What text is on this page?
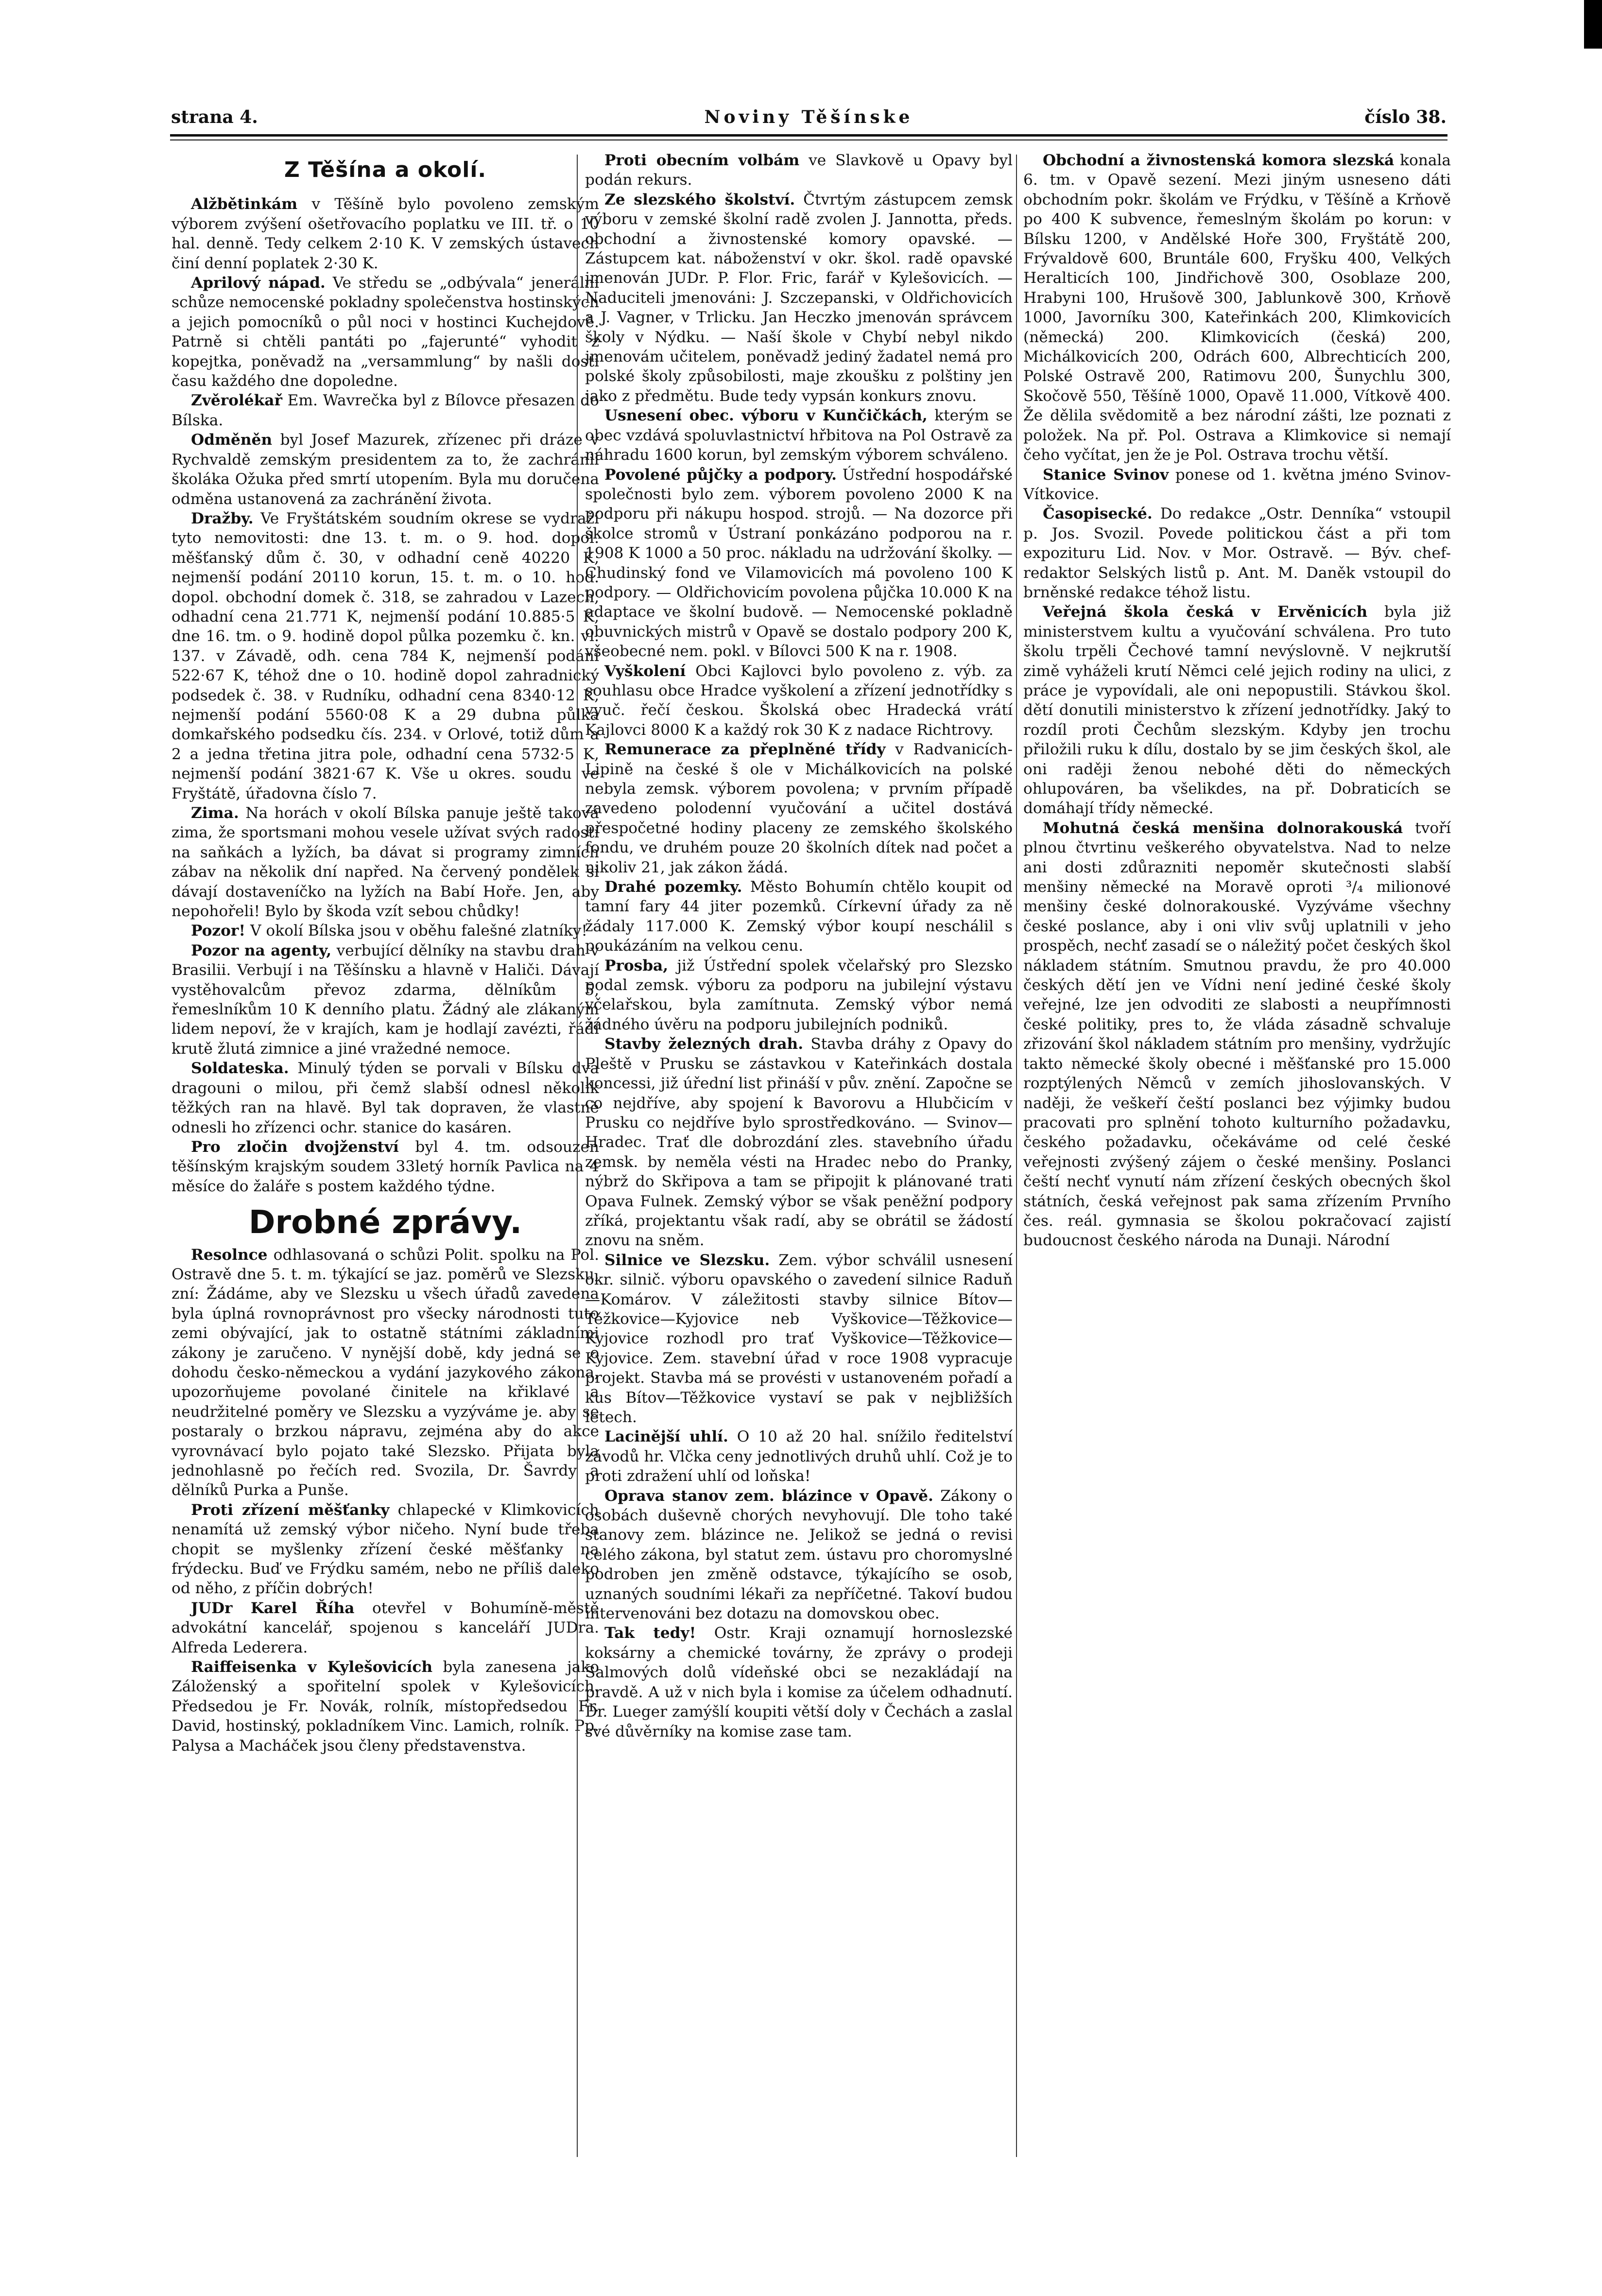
strana 4.	Noviny Těšínske	číslo 38.
Z Těšína a okolí.

Alžbětinkám v Těšíně bylo povoleno zemským výborem zvýšení ošetřovacího poplatku ve III. tř. o 10 hal. denně. Tedy celkem 2·10 K. V zemských ústavech činí denní poplatek 2·30 K.

Aprilový nápad. Ve středu se „odbývala“ jenerální schůze nemocenské pokladny společenstva hostinských a jejich pomocníků o půl noci v hostinci Kuchejdově. Patrně si chtěli pantáti po „fajerunté“ vyhodit z kopejtka, poněvadž na „versammlung“ by našli dosti času každého dne dopoledne.

Zvěrolékař Em. Wavrečka byl z Bílovce přesazen do Bílska.

Odměněn byl Josef Mazurek, zřízenec při dráze v Rychvaldě zemským presidentem za to, že zachránil školáka Ožuka před smrtí utopením. Byla mu doručena odměna ustanovená za zachránění života.

Dražby. Ve Fryštátském soudním okrese se vydraží tyto nemovitosti: dne 13. t. m. o 9. hod. dopol. měšťanský dům č. 30, v odhadní ceně 40220 K, nejmenší podání 20110 korun, 15. t. m. o 10. hod. dopol. obchodní domek č. 318, se zahradou v Lazech, odhadní cena 21.771 K, nejmenší podání 10.885·5 K, dne 16. tm. o 9. hodině dopol půlka pozemku č. kn. vl. 137. v Závadě, odh. cena 784 K, nejmenší podání 522·67 K, téhož dne o 10. hodině dopol zahradnický podsedek č. 38. v Rudníku, odhadní cena 8340·12 K, nejmenší podání 5560·08 K a 29 dubna půlka domkařského podsedku čís. 234. v Orlové, totiž dům a 2 a jedna třetina jitra pole, odhadní cena 5732·5 K, nejmenší podání 3821·67 K. Vše u okres. soudu ve Fryštátě, úřadovna číslo 7.

Zima. Na horách v okolí Bílska panuje ještě taková zima, že sportsmani mohou vesele užívat svých radostí na saňkách a lyžích, ba dávat si programy zimních zábav na několik dní napřed. Na červený pondělek si dávají dostaveníčko na lyžích na Babí Hoře. Jen, aby nepohořeli! Bylo by škoda vzít sebou chůdky!

Pozor! V okolí Bílska jsou v oběhu falešné zlatníky!

Pozor na agenty, verbující dělníky na stavbu drah v Brasilii. Verbují i na Těšínsku a hlavně v Haliči. Dávají vystěhovalcům převoz zdarma, dělníkům 5, řemeslníkům 10 K denního platu. Žádný ale zlákaným lidem nepoví, že v krajích, kam je hodlají zavézti, řádí krutě žlutá zimnice a jiné vražedné nemoce.

Soldateska. Minulý týden se porvali v Bílsku dva dragouni o milou, při čemž slabší odnesl několik těžkých ran na hlavě. Byl tak dopraven, že vlastně odnesli ho zřízenci ochr. stanice do kasáren.

Pro zločin dvojženství byl 4. tm. odsouzen těšínským krajským soudem 33letý horník Pavlica na 4 měsíce do žaláře s postem každého týdne.

Drobné zprávy.

Resolnce odhlasovaná o schůzi Polit. spolku na Pol. Ostravě dne 5. t. m. týkající se jaz. poměrů ve Slezsku, zní: Žádáme, aby ve Slezsku u všech úřadů zavedena byla úplná rovnoprávnost pro všecky národnosti tuto zemi obývající, jak to ostatně státními základními zákony je zaručeno. V nynější době, kdy jedná se o dohodu česko-německou a vydání jazykového zákona, upozorňujeme povolané činitele na křiklavé a neudržitelné poměry ve Slezsku a vyzýváme je. aby se postaraly o brzkou nápravu, zejména aby do akce vyrovnávací bylo pojato také Slezsko. Přijata byla jednohlasně po řečích red. Svozila, Dr. Šavrdy a dělníků Purka a Punše.

Proti zřízení měšťanky chlapecké v Klimkovicích nenamítá už zemský výbor ničeho. Nyní bude třeba chopit se myšlenky zřízení české měšťanky na frýdecku. Buď ve Frýdku samém, nebo ne příliš daleko od něho, z příčin dobrých!

JUDr Karel Říha otevřel v Bohumíně-městě advokátní kancelář, spojenou s kanceláří JUDra. Alfreda Lederera.

Raiffeisenka v Kylešovicích byla zanesena jako Záloženský a spořitelní spolek v Kylešovicích. Předsedou je Fr. Novák, rolník, místopředsedou Fr. David, hostinský, pokladníkem Vinc. Lamich, rolník. Pp. Palysa a Macháček jsou členy představenstva.

Proti obecním volbám ve Slavkově u Opavy byl podán rekurs.

Ze slezského školství. Čtvrtým zástupcem zemsk výboru v zemské školní radě zvolen J. Jannotta, předs. obchodní a živnostenské komory opavské. — Zástupcem kat. náboženství v okr. škol. radě opavské jmenován JUDr. P. Flor. Fric, farář v Kylešovicích. — Naduciteli jmenováni: J. Szczepanski, v Oldřichovicích a J. Vagner, v Trlicku. Jan Heczko jmenován správcem školy v Nýdku. — Naší škole v Chybí nebyl nikdo jmenovám učitelem, poněvadž jediný žadatel nemá pro polské školy způsobilosti, maje zkoušku z polštiny jen jako z předmětu. Bude tedy vypsán konkurs znovu.

Usnesení obec. výboru v Kunčičkách, kterým se obec vzdává spoluvlastnictví hřbitova na Pol Ostravě za náhradu 1600 korun, byl zemským výborem schváleno.

Povolené půjčky a podpory. Ústřední hospodářské společnosti bylo zem. výborem povoleno 2000 K na podporu při nákupu hospod. strojů. — Na dozorce při školce stromů v Ústraní ponkázáno podporou na r. 1908 K 1000 a 50 proc. nákladu na udržování školky. — Chudinský fond ve Vilamovicích má povoleno 100 K podpory. — Oldřichovicím povolena půjčka 10.000 K na adaptace ve školní budově. — Nemocenské pokladně obuvnických mistrů v Opavě se dostalo podpory 200 K, všeobecné nem. pokl. v Bílovci 500 K na r. 1908.

Vyškolení Obci Kajlovci bylo povoleno z. výb. za souhlasu obce Hradce vyškolení a zřízení jednotřídky s vyuč. řečí českou. Školská obec Hradecká vrátí Kajlovci 8000 K a každý rok 30 K z nadace Richtrovy.

Remunerace za přeplněné třídy v Radvanicích-Lipině na české š ole v Michálkovicích na polské nebyla zemsk. výborem povolena; v prvním případě zavedeno polodenní vyučování a učitel dostává přespočetné hodiny placeny ze zemského školského fondu, ve druhém pouze 20 školních dítek nad počet a nikoliv 21, jak zákon žádá.

Drahé pozemky. Město Bohumín chtělo koupit od tamní fary 44 jiter pozemků. Církevní úřady za ně žádaly 117.000 K. Zemský výbor koupí neschálil s poukázáním na velkou cenu.

Prosba, již Ústřední spolek včelařský pro Slezsko podal zemsk. výboru za podporu na jubilejní výstavu včelařskou, byla zamítnuta. Zemský výbor nemá žádného úvěru na podporu jubilejních podniků.

Stavby železných drah. Stavba dráhy z Opavy do Pleště v Prusku se zástavkou v Kateřinkách dostala koncessi, již úřední list přináší v pův. znění. Započne se co nejdříve, aby spojení k Bavorovu a Hlubčicím v Prusku co nejdříve bylo sprostředkováno. — Svinov—Hradec. Trať dle dobrozdání zles. stavebního úřadu zemsk. by neměla vésti na Hradec nebo do Pranky, nýbrž do Skřipova a tam se připojit k plánované trati Opava Fulnek. Zemský výbor se však peněžní podpory zříká, projektantu však radí, aby se obrátil se žádostí znovu na sněm.

Silnice ve Slezsku. Zem. výbor schválil usnesení okr. silnič. výboru opavského o zavedení silnice Raduň—Komárov. V záležitosti stavby silnice Bítov—Těžkovice—Kyjovice neb Vyškovice—Těžkovice—Kyjovice rozhodl pro trať Vyškovice—Těžkovice—Kyjovice. Zem. stavební úřad v roce 1908 vypracuje projekt. Stavba má se provésti v ustanoveném pořadí a kus Bítov—Těžkovice vystaví se pak v nejbližších letech.

Lacinější uhlí. O 10 až 20 hal. snížilo ředitelství závodů hr. Vlčka ceny jednotlivých druhů uhlí. Což je to proti zdražení uhlí od loňska!

Oprava stanov zem. blázince v Opavě. Zákony o osobách duševně chorých nevyhovují. Dle toho také stanovy zem. blázince ne. Jelikož se jedná o revisi celého zákona, byl statut zem. ústavu pro choromyslné podroben jen změně odstavce, týkajícího se osob, uznaných soudními lékaři za nepříčetné. Takoví budou intervenováni bez dotazu na domovskou obec.

Tak tedy! Ostr. Kraji oznamují hornoslezské koksárny a chemické továrny, že zprávy o prodeji Salmových dolů vídeňské obci se nezakládají na pravdě. A už v nich byla i komise za účelem odhadnutí. Dr. Lueger zamýšlí koupiti větší doly v Čechách a zaslal své důvěrníky na komise zase tam.

Obchodní a živnostenská komora slezská konala 6. tm. v Opavě sezení. Mezi jiným usneseno dáti obchodním pokr. školám ve Frýdku, v Těšíně a Krňově po 400 K subvence, řemeslným školám po korun: v Bílsku 1200, v Andělské Hoře 300, Fryštátě 200, Frývaldově 600, Bruntále 600, Fryšku 400, Velkých Heralticích 100, Jindřichově 300, Osoblaze 200, Hrabyni 100, Hrušově 300, Jablunkově 300, Krňově 1000, Javorníku 300, Kateřinkách 200, Klimkovicích (německá) 200. Klimkovicích (česká) 200, Michálkovicích 200, Odrách 600, Albrechticích 200, Polské Ostravě 200, Ratimovu 200, Šunychlu 300, Skočově 550, Těšíně 1000, Opavě 11.000, Vítkově 400. Že dělila svědomitě a bez národní zášti, lze poznati z položek. Na př. Pol. Ostrava a Klimkovice si nemají čeho vyčítat, jen že je Pol. Ostrava trochu větší.

Stanice Svinov ponese od 1. května jméno Svinov-Vítkovice.

Časopisecké. Do redakce „Ostr. Denníka“ vstoupil p. Jos. Svozil. Povede politickou část a při tom expozituru Lid. Nov. v Mor. Ostravě. — Býv. chef-redaktor Selských listů p. Ant. M. Daněk vstoupil do brněnské redakce téhož listu.

Veřejná škola česká v Ervěnicích byla již ministerstvem kultu a vyučování schválena. Pro tuto školu trpěli Čechové tamní nevýslovně. V nejkrutší zimě vyháželi krutí Němci celé jejich rodiny na ulici, z práce je vypovídali, ale oni nepopustili. Stávkou škol. dětí donutili ministerstvo k zřízení jednotřídky. Jaký to rozdíl proti Čechům slezským. Kdyby jen trochu přiložili ruku k dílu, dostalo by se jim českých škol, ale oni raději ženou nebohé děti do německých ohlupováren, ba všelikdes, na př. Dobraticích se domáhají třídy německé.

Mohutná česká menšina dolnorakouská tvoří plnou čtvrtinu veškerého obyvatelstva. Nad to nelze ani dosti zdůrazniti nepoměr skutečnosti slabší menšiny německé na Moravě oproti ³/₄ milionové menšiny české dolnorakouské. Vyzýváme všechny české poslance, aby i oni vliv svůj uplatnili v jeho prospěch, nechť zasadí se o náležitý počet českých škol nákladem státním. Smutnou pravdu, že pro 40.000 českých dětí jen ve Vídni není jediné české školy veřejné, lze jen odvoditi ze slabosti a neupřímnosti české politiky, pres to, že vláda zásadně schvaluje zřizování škol nákladem státním pro menšiny, vydržujíc takto německé školy obecné i měšťanské pro 15.000 rozptýlených Němců v zemích jihoslovanských. V naději, že veškeří čeští poslanci bez výjimky budou pracovati pro splnění tohoto kulturního požadavku, českého požadavku, očekáváme od celé české veřejnosti zvýšený zájem o české menšiny. Poslanci čeští nechť vynutí nám zřízení českých obecných škol státních, česká veřejnost pak sama zřízením Prvního čes. reál. gymnasia se školou pokračovací zajistí budoucnost českého národa na Dunaji. Národní
